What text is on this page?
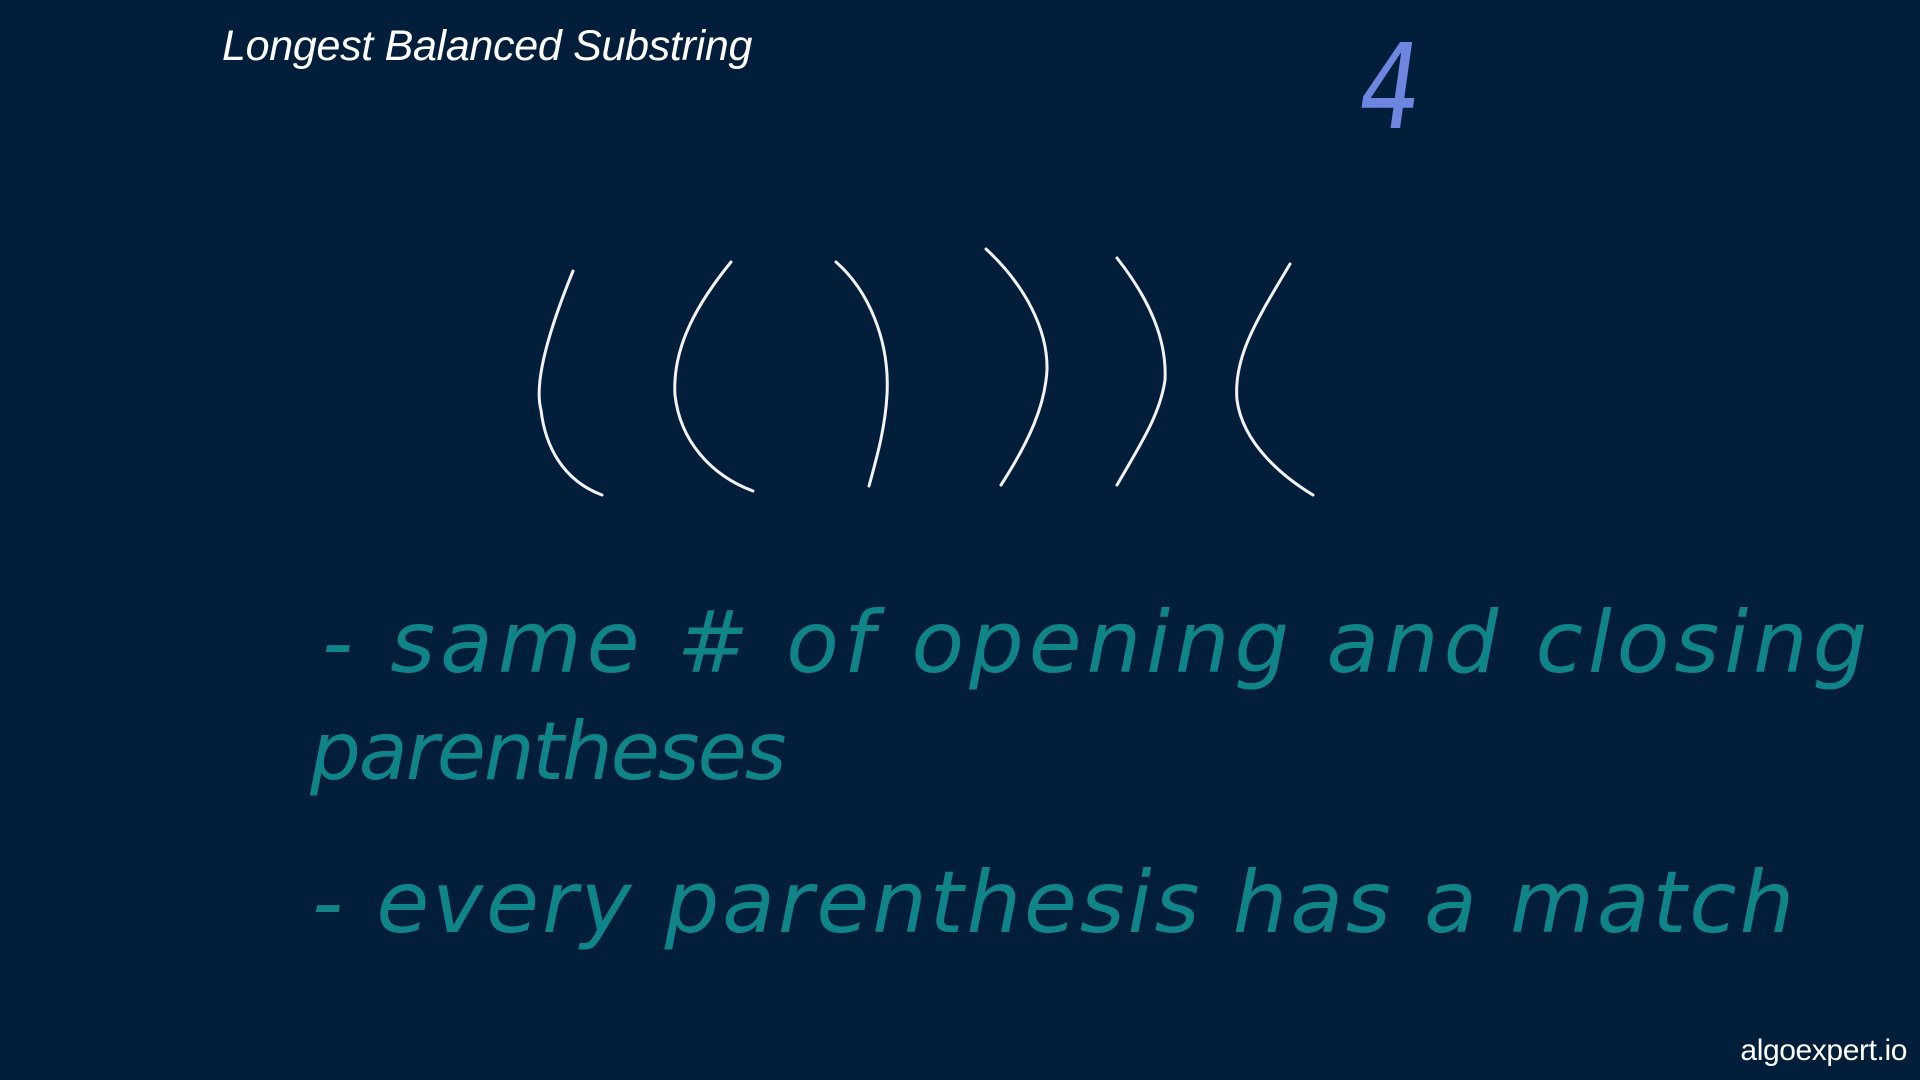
Longest Balanced Substring	4
- same # of opening and closing
parentheses
- every parenthesis has a match
algoexpert.io
